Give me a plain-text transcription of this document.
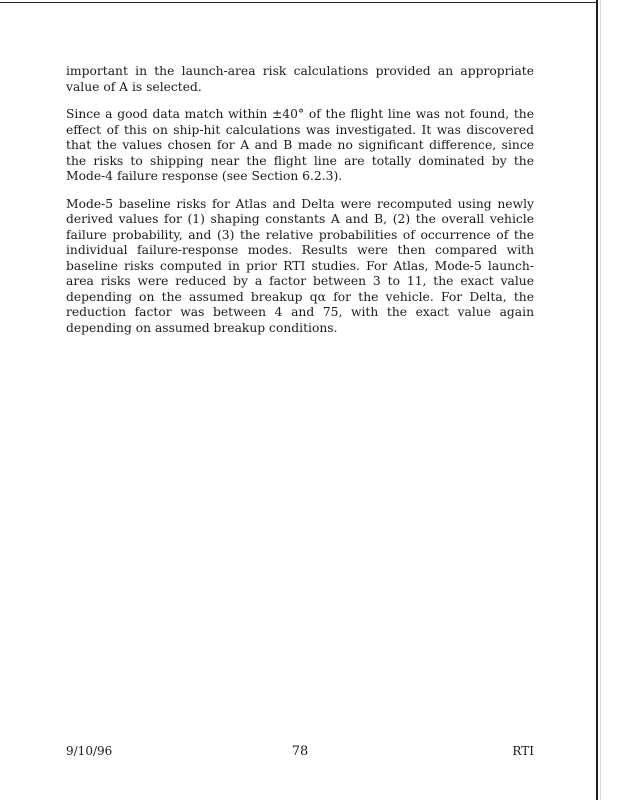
important in the launch-area risk calculations provided an appropriate value of A is selected.

Since a good data match within ±40° of the flight line was not found, the effect of this on ship-hit calculations was investigated. It was discovered that the values chosen for A and B made no significant difference, since the risks to shipping near the flight line are totally dominated by the Mode-4 failure response (see Section 6.2.3).

Mode-5 baseline risks for Atlas and Delta were recomputed using newly derived values for (1) shaping constants A and B, (2) the overall vehicle failure probability, and (3) the relative probabilities of occurrence of the individual failure-response modes. Results were then compared with baseline risks computed in prior RTI studies. For Atlas, Mode-5 launch-area risks were reduced by a factor between 3 to 11, the exact value depending on the assumed breakup qα for the vehicle. For Delta, the reduction factor was between 4 and 75, with the exact value again depending on assumed breakup conditions.

9/10/96	78	RTI
